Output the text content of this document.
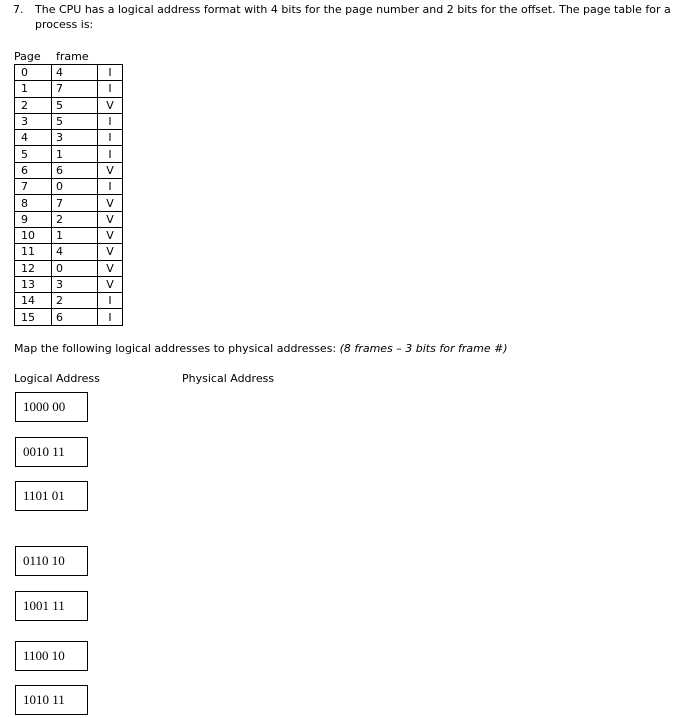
7. The CPU has a logical address format with 4 bits for the page number and 2 bits for the offset. The page table for a
process is:
Page frame
0	4	I
1	7	I
2	5	V
3	5	I
4	3	I
5	1	I
6	6	V
7	0	I
8	7	V
9	2	V
10	1	V
11	4	V
12	0	V
13	3	V
14	2	I
15	6	I
Map the following logical addresses to physical addresses: (8 frames – 3 bits for frame #)
Logical Address	Physical Address
1000 00
0010 11
1101 01
0110 10
1001 11
1100 10
1010 11
